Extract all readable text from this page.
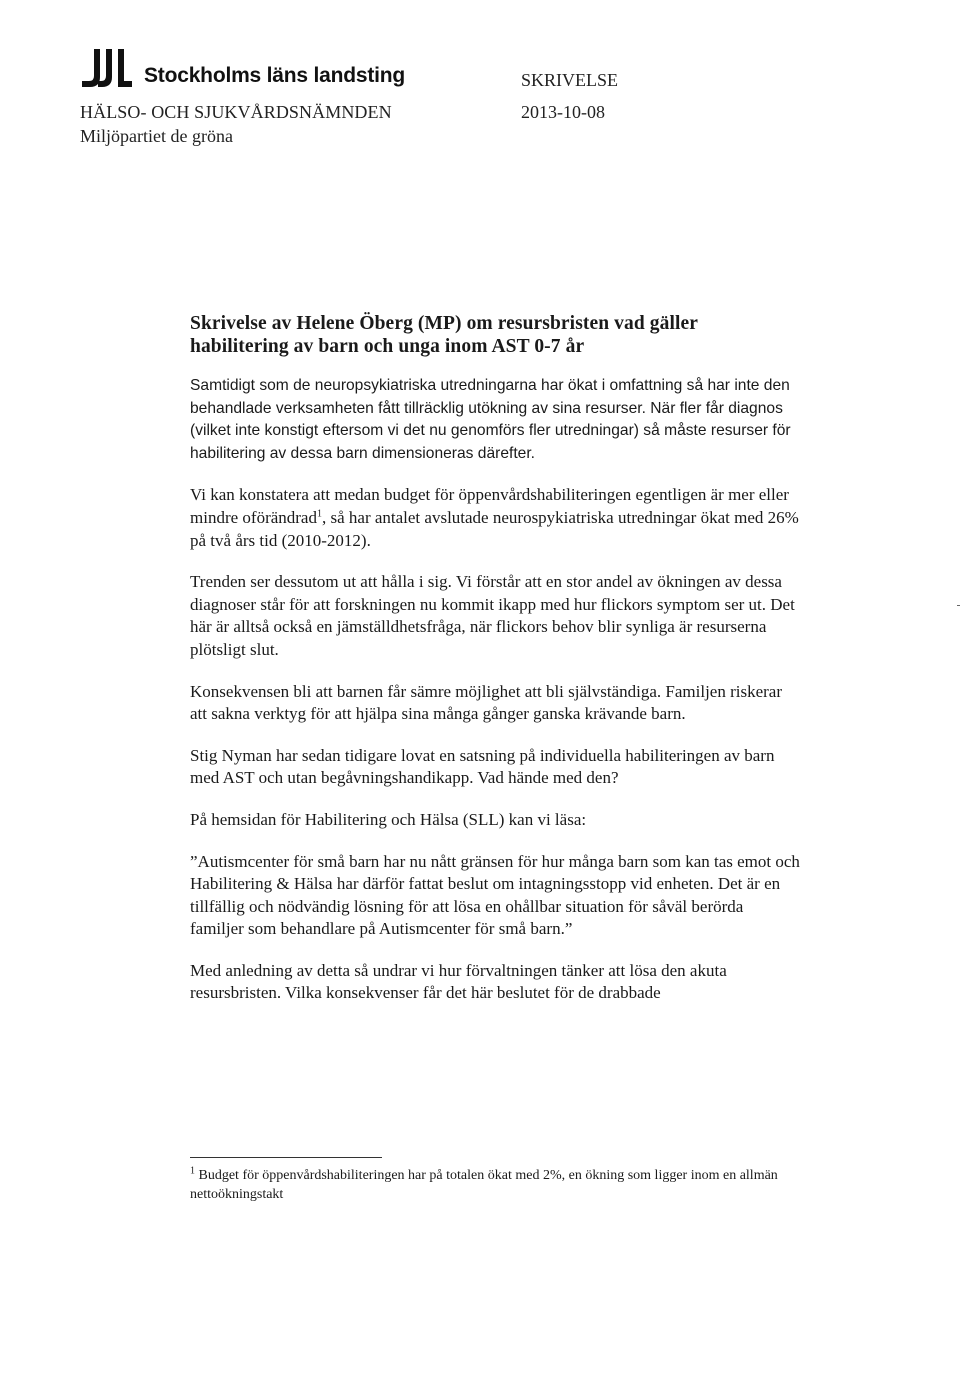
Stockholms läns landsting
HÄLSO- OCH SJUKVÅRDSNÄMNDEN
Miljöpartiet de gröna
SKRIVELSE
2013-10-08
Skrivelse av Helene Öberg (MP) om resursbristen vad gäller
habilitering av barn och unga inom AST 0-7 år

Samtidigt som de neuropsykiatriska utredningarna har ökat i omfattning så har inte den behandlade verksamheten fått tillräcklig utökning av sina resurser. När fler får diagnos (vilket inte konstigt eftersom vi det nu genomförs fler utredningar) så måste resurser för habilitering av dessa barn dimensioneras därefter.

Vi kan konstatera att medan budget för öppenvårdshabiliteringen egentligen är mer eller mindre oförändrad$^1$, så har antalet avslutade neurospykiatriska utredningar ökat med 26% på två års tid (2010-2012).

Trenden ser dessutom ut att hålla i sig. Vi förstår att en stor andel av ökningen av dessa diagnoser står för att forskningen nu kommit ikapp med hur flickors symptom ser ut. Det här är alltså också en jämställdhetsfråga, när flickors behov blir synliga är resurserna plötsligt slut.

Konsekvensen bli att barnen får sämre möjlighet att bli självständiga. Familjen riskerar att sakna verktyg för att hjälpa sina många gånger ganska krävande barn.

Stig Nyman har sedan tidigare lovat en satsning på individuella habiliteringen av barn med AST och utan begåvningshandikapp. Vad hände med den?

På hemsidan för Habilitering och Hälsa (SLL) kan vi läsa:

”Autismcenter för små barn har nu nått gränsen för hur många barn som kan tas emot och Habilitering & Hälsa har därför fattat beslut om intagningsstopp vid enheten. Det är en tillfällig och nödvändig lösning för att lösa en ohållbar situation för såväl berörda familjer som behandlare på Autismcenter för små barn.”

Med anledning av detta så undrar vi hur förvaltningen tänker att lösa den akuta resursbristen. Vilka konsekvenser får det här beslutet för de drabbade

$^1$ Budget för öppenvårdshabiliteringen har på totalen ökat med 2%, en ökning som ligger inom en allmän nettoökningstakt
